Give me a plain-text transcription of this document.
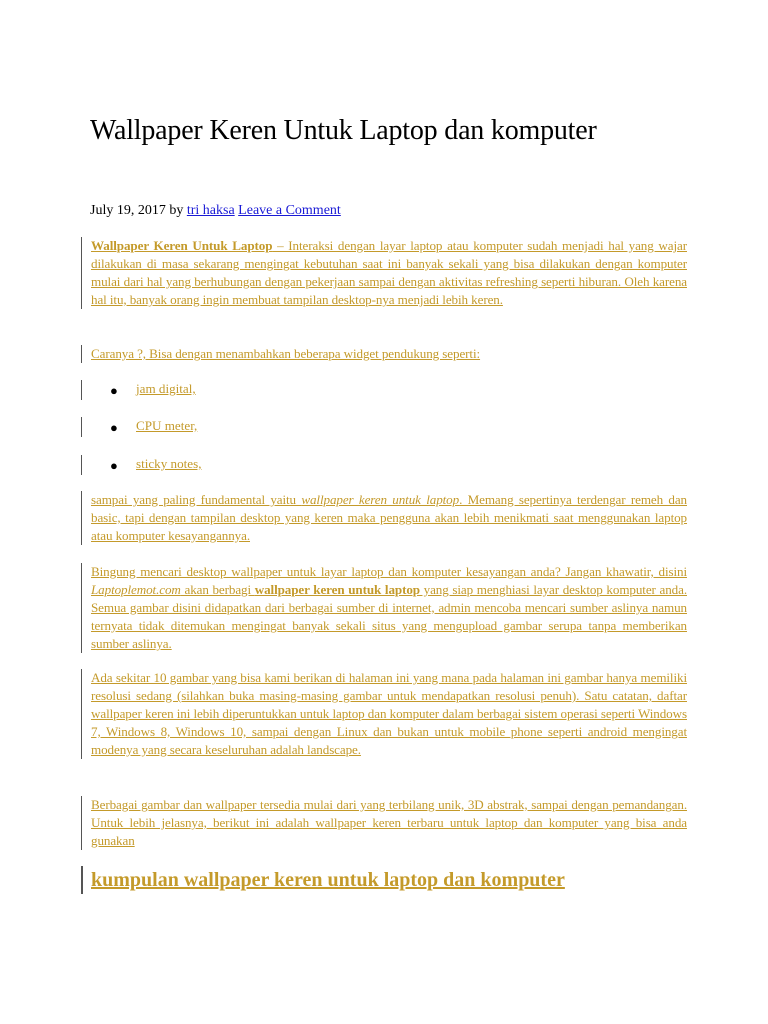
Wallpaper Keren Untuk Laptop dan komputer
July 19, 2017 by tri haksa Leave a Comment
Wallpaper Keren Untuk Laptop – Interaksi dengan layar laptop atau komputer sudah menjadi hal yang wajar dilakukan di masa sekarang mengingat kebutuhan saat ini banyak sekali yang bisa dilakukan dengan komputer mulai dari hal yang berhubungan dengan pekerjaan sampai dengan aktivitas refreshing seperti hiburan. Oleh karena hal itu, banyak orang ingin membuat tampilan desktop-nya menjadi lebih keren.
Caranya ?, Bisa dengan menambahkan beberapa widget pendukung seperti:
● jam digital,
● CPU meter,
● sticky notes,
sampai yang paling fundamental yaitu wallpaper keren untuk laptop. Memang sepertinya terdengar remeh dan basic, tapi dengan tampilan desktop yang keren maka pengguna akan lebih menikmati saat menggunakan laptop atau komputer kesayangannya.
Bingung mencari desktop wallpaper untuk layar laptop dan komputer kesayangan anda? Jangan khawatir, disini Laptoplemot.com akan berbagi wallpaper keren untuk laptop yang siap menghiasi layar desktop komputer anda. Semua gambar disini didapatkan dari berbagai sumber di internet, admin mencoba mencari sumber aslinya namun ternyata tidak ditemukan mengingat banyak sekali situs yang mengupload gambar serupa tanpa memberikan sumber aslinya.
Ada sekitar 10 gambar yang bisa kami berikan di halaman ini yang mana pada halaman ini gambar hanya memiliki resolusi sedang (silahkan buka masing-masing gambar untuk mendapatkan resolusi penuh). Satu catatan, daftar wallpaper keren ini lebih diperuntukkan untuk laptop dan komputer dalam berbagai sistem operasi seperti Windows 7, Windows 8, Windows 10, sampai dengan Linux dan bukan untuk mobile phone seperti android mengingat modenya yang secara keseluruhan adalah landscape.
Berbagai gambar dan wallpaper tersedia mulai dari yang terbilang unik, 3D abstrak, sampai dengan pemandangan. Untuk lebih jelasnya, berikut ini adalah wallpaper keren terbaru untuk laptop dan komputer yang bisa anda gunakan
kumpulan wallpaper keren untuk laptop dan komputer
